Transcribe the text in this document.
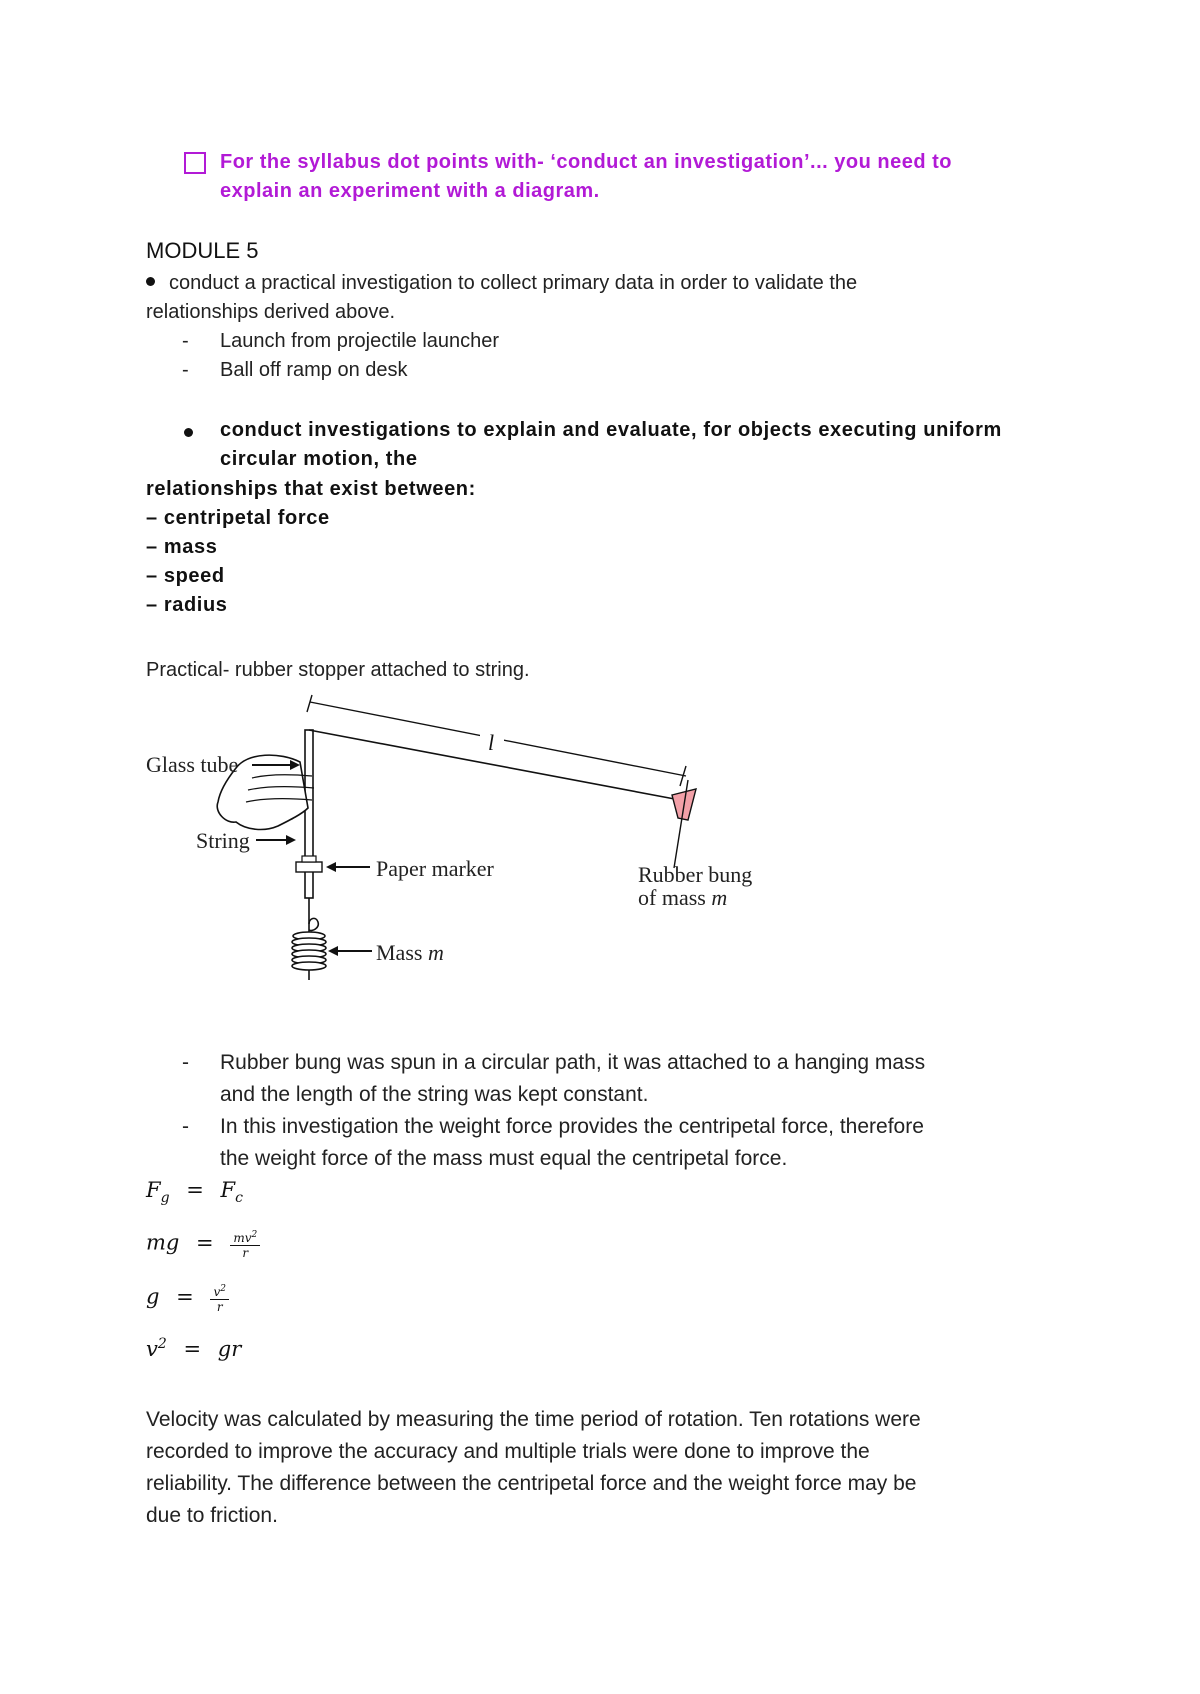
For the syllabus dot points with- ‘conduct an investigation’... you need to
explain an experiment with a diagram.
MODULE 5
conduct a practical investigation to collect primary data in order to validate the
relationships derived above.
- Launch from projectile launcher
- Ball off ramp on desk
conduct investigations to explain and evaluate, for objects executing uniform
circular motion, the
relationships that exist between:
– centripetal force
– mass
– speed
– radius
Practical- rubber stopper attached to string.
l
Glass tube
String
Paper marker
Mass m
Rubber bung
of mass m
- Rubber bung was spun in a circular path, it was attached to a hanging mass
and the length of the string was kept constant.
- In this investigation the weight force provides the centripetal force, therefore
the weight force of the mass must equal the centripetal force.
$F_g = F_c$
mg = $\frac{mv^2}{r}$
$g = \frac{v^2}{r}$
$v^2$ = gr
Velocity was calculated by measuring the time period of rotation. Ten rotations were
recorded to improve the accuracy and multiple trials were done to improve the
reliability. The difference between the centripetal force and the weight force may be
due to friction.
